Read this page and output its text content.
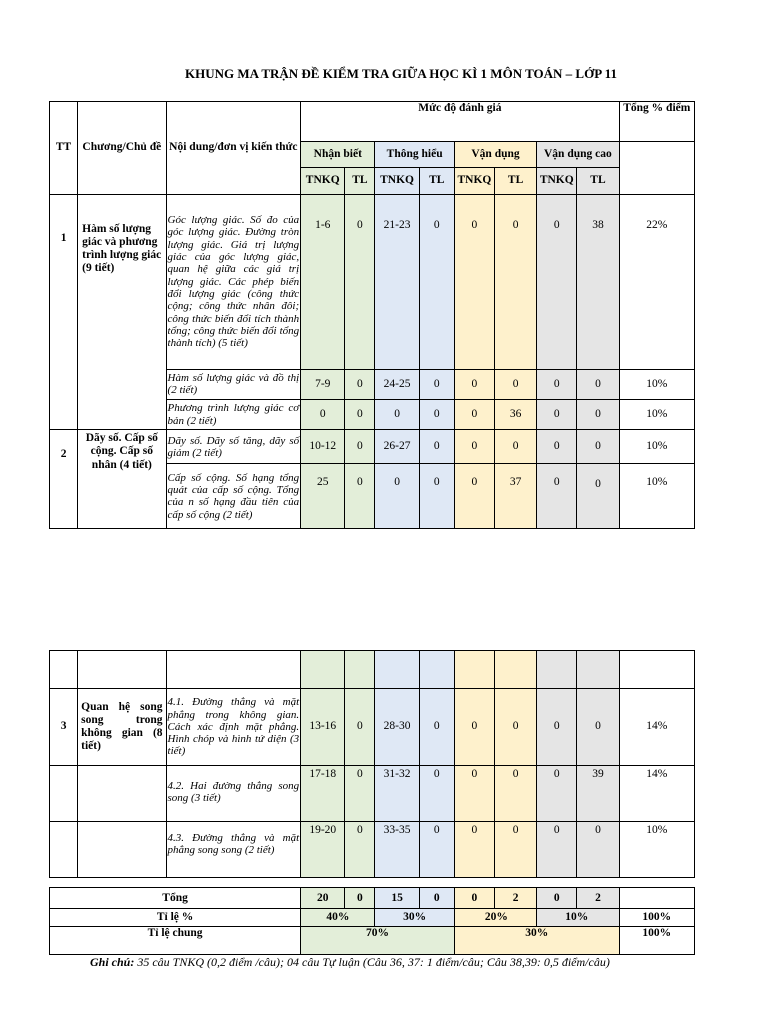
KHUNG MA TRẬN ĐỀ KIỂM TRA GIỮA HỌC KÌ 1 MÔN TOÁN – LỚP 11
TT	Chương/Chủ đề	Nội dung/đơn vị kiến thức	Mức độ đánh giá								Tổng % điểm
			Nhận biết		Thông hiểu		Vận dụng		Vận dụng cao		
			TNKQ	TL	TNKQ	TL	TNKQ	TL	TNKQ	TL	
1	Hàm số lượng giác và phương trình lượng giác (9 tiết)	Góc lượng giác. Số đo của góc lượng giác. Đường tròn lượng giác. Giá trị lượng giác của góc lượng giác, quan hệ giữa các giá trị lượng giác. Các phép biến đổi lượng giác (công thức cộng; công thức nhân đôi; công thức biến đổi tích thành tổng; công thức biến đổi tổng thành tích) (5 tiết)	1-6	0	21-23	0	0	0	0	38	22%
		Hàm số lượng giác và đồ thị (2 tiết)	7-9	0	24-25	0	0	0	0	0	10%
		Phương trình lượng giác cơ bản (2 tiết)	0	0	0	0	0	36	0	0	10%
2	Dãy số. Cấp số cộng. Cấp số nhân (4 tiết)	Dãy số. Dãy số tăng, dãy số giảm (2 tiết)	10-12	0	26-27	0	0	0	0	0	10%
		Cấp số cộng. Số hạng tổng quát của cấp số cộng. Tổng của n số hạng đầu tiên của cấp số cộng (2 tiết)	25	0	0	0	0	37	0	0	10%

3	Quan hệ song song trong không gian (8 tiết)	4.1. Đường thẳng và mặt phẳng trong không gian. Cách xác định mặt phẳng. Hình chóp và hình tứ diện (3 tiết)	13-16	0	28-30	0	0	0	0	0	14%
		4.2. Hai đường thẳng song song (3 tiết)	17-18	0	31-32	0	0	0	0	39	14%
		4.3. Đường thẳng và mặt phẳng song song (2 tiết)	19-20	0	33-35	0	0	0	0	0	10%
Tổng	20	0	15	0	0	2	0	2	
Tỉ lệ %	40%		30%		20%		10%		100%
Tỉ lệ chung	70%				30%				100%
Ghi chú: 35 câu TNKQ (0,2 điểm /câu); 04 câu Tự luận (Câu 36, 37: 1 điểm/câu; Câu 38,39: 0,5 điểm/câu)
